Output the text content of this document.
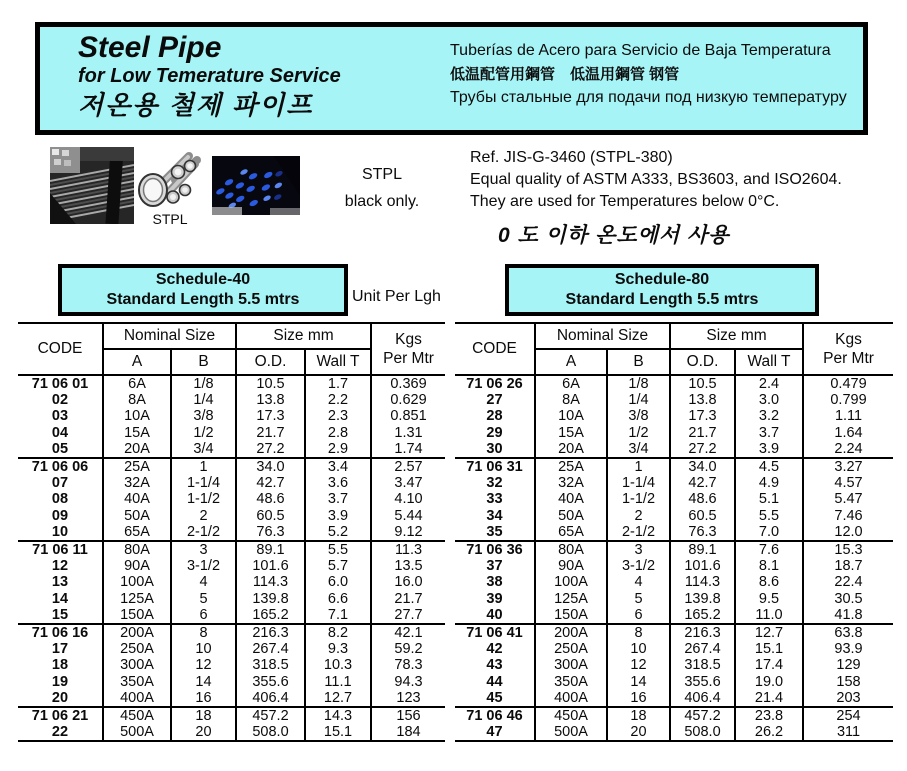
Steel Pipe
for Low Temerature Service
저온용 철제 파이프
Tuberías de Acero para Servicio de Baja Temperatura
低温配管用鋼管　低温用鋼管 钢管
Трубы стальные для подачи под низкую температуру
STPL
STPL
black only.
Ref. JIS-G-3460 (STPL-380)
Equal quality of ASTM A333, BS3603, and ISO2604.
They are used for Temperatures below 0°C.
0 도 이하 온도에서 사용
Schedule-40
Standard Length 5.5 mtrs
Schedule-80
Standard Length 5.5 mtrs
Unit Per Lgh
CODE	Nominal Size		Size mm		Kgs
Per Mtr

	A	B	O.D.	Wall T	
71 06 01	6A	1/8	10.5	1.7	0.369
02	8A	1/4	13.8	2.2	0.629
03	10A	3/8	17.3	2.3	0.851
04	15A	1/2	21.7	2.8	1.31
05	20A	3/4	27.2	2.9	1.74
71 06 06	25A	1	34.0	3.4	2.57
07	32A	1-1/4	42.7	3.6	3.47
08	40A	1-1/2	48.6	3.7	4.10
09	50A	2	60.5	3.9	5.44
10	65A	2-1/2	76.3	5.2	9.12
71 06 11	80A	3	89.1	5.5	11.3
12	90A	3-1/2	101.6	5.7	13.5
13	100A	4	114.3	6.0	16.0
14	125A	5	139.8	6.6	21.7
15	150A	6	165.2	7.1	27.7
71 06 16	200A	8	216.3	8.2	42.1
17	250A	10	267.4	9.3	59.2
18	300A	12	318.5	10.3	78.3
19	350A	14	355.6	11.1	94.3
20	400A	16	406.4	12.7	123
71 06 21	450A	18	457.2	14.3	156
22	500A	20	508.0	15.1	184
CODE	Nominal Size		Size mm		Kgs
Per Mtr

	A	B	O.D.	Wall T	
71 06 26	6A	1/8	10.5	2.4	0.479
27	8A	1/4	13.8	3.0	0.799
28	10A	3/8	17.3	3.2	1.11
29	15A	1/2	21.7	3.7	1.64
30	20A	3/4	27.2	3.9	2.24
71 06 31	25A	1	34.0	4.5	3.27
32	32A	1-1/4	42.7	4.9	4.57
33	40A	1-1/2	48.6	5.1	5.47
34	50A	2	60.5	5.5	7.46
35	65A	2-1/2	76.3	7.0	12.0
71 06 36	80A	3	89.1	7.6	15.3
37	90A	3-1/2	101.6	8.1	18.7
38	100A	4	114.3	8.6	22.4
39	125A	5	139.8	9.5	30.5
40	150A	6	165.2	11.0	41.8
71 06 41	200A	8	216.3	12.7	63.8
42	250A	10	267.4	15.1	93.9
43	300A	12	318.5	17.4	129
44	350A	14	355.6	19.0	158
45	400A	16	406.4	21.4	203
71 06 46	450A	18	457.2	23.8	254
47	500A	20	508.0	26.2	311
